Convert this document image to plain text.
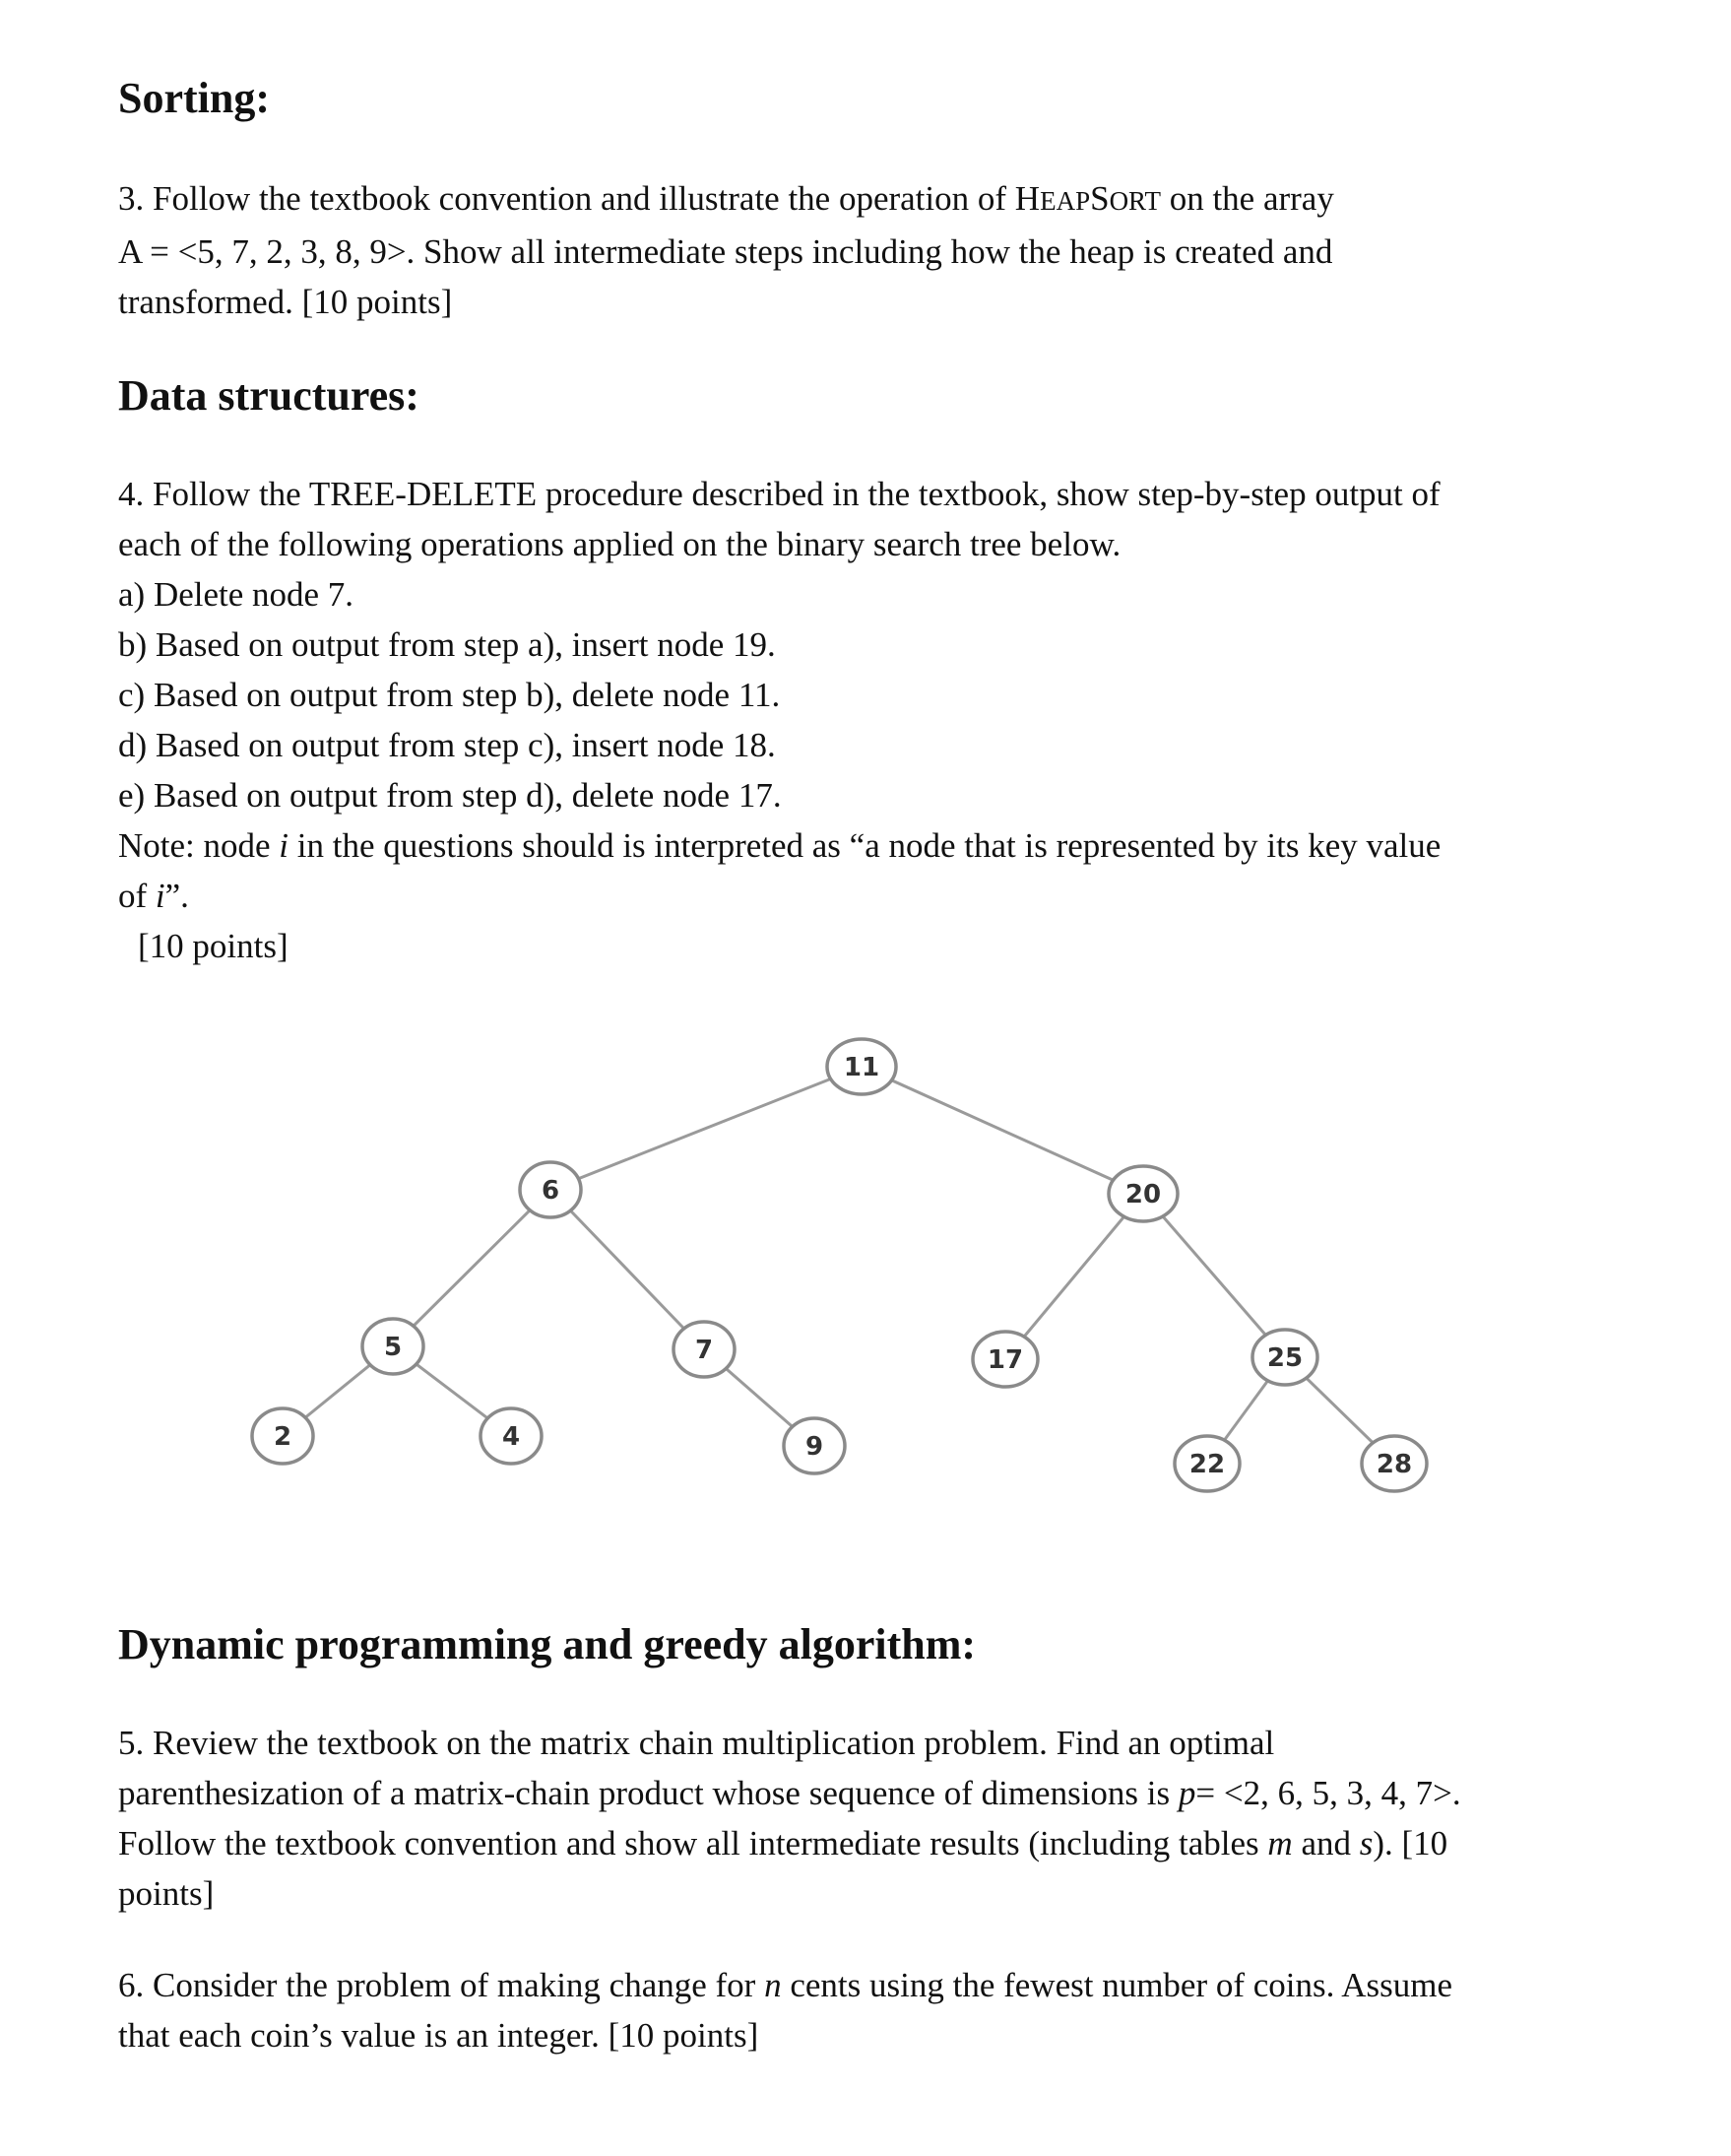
Sorting:
3. Follow the textbook convention and illustrate the operation of HEAPSORT on the array
A = <5, 7, 2, 3, 8, 9>. Show all intermediate steps including how the heap is created and
transformed. [10 points]
Data structures:
4. Follow the TREE-DELETE procedure described in the textbook, show step-by-step output of
each of the following operations applied on the binary search tree below.
a) Delete node 7.
b) Based on output from step a), insert node 19.
c) Based on output from step b), delete node 11.
d) Based on output from step c), insert node 18.
e) Based on output from step d), delete node 17.
Note: node i in the questions should is interpreted as “a node that is represented by its key value
of i”.
[10 points]
11
6	20
5	7	17	25
2	4	9
22	28
Dynamic programming and greedy algorithm:
5. Review the textbook on the matrix chain multiplication problem. Find an optimal
parenthesization of a matrix-chain product whose sequence of dimensions is p= <2, 6, 5, 3, 4, 7>.
Follow the textbook convention and show all intermediate results (including tables m and s). [10
points]
6. Consider the problem of making change for n cents using the fewest number of coins. Assume
that each coin’s value is an integer. [10 points]
